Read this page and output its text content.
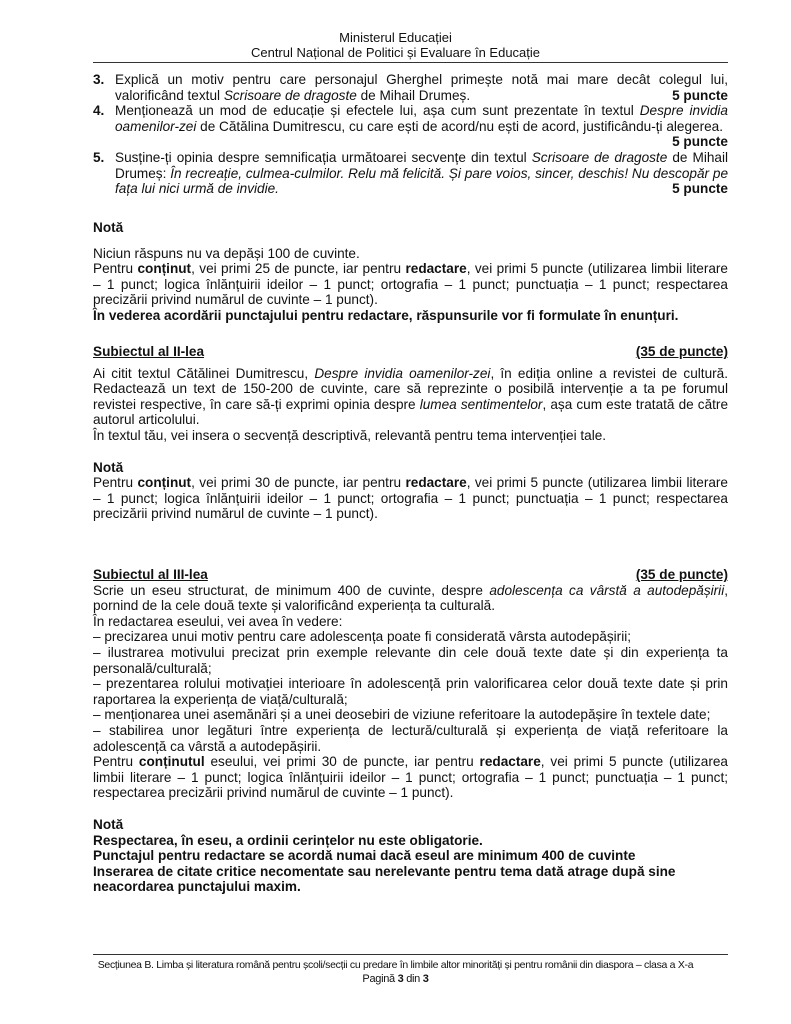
Ministerul Educației
Centrul Național de Politici și Evaluare în Educație
3. Explică un motiv pentru care personajul Gherghel primește notă mai mare decât colegul lui, valorificând textul Scrisoare de dragoste de Mihail Drumeș.	5 puncte
4. Menționează un mod de educație și efectele lui, așa cum sunt prezentate în textul Despre invidia oamenilor-zei de Cătălina Dumitrescu, cu care ești de acord/nu ești de acord, justificându-ți alegerea.
5 puncte
5. Susține-ți opinia despre semnificația următoarei secvențe din textul Scrisoare de dragoste de Mihail Drumeș: În recreație, culmea-culmilor. Relu mă felicită. Și pare voios, sincer, deschis! Nu descopăr pe fața lui nici urmă de invidie.	5 puncte

Notă

Niciun răspuns nu va depăși 100 de cuvinte.

Pentru conținut, vei primi 25 de puncte, iar pentru redactare, vei primi 5 puncte (utilizarea limbii literare – 1 punct; logica înlănțuirii ideilor – 1 punct; ortografia – 1 punct; punctuația – 1 punct; respectarea precizării privind numărul de cuvinte – 1 punct).

În vederea acordării punctajului pentru redactare, răspunsurile vor fi formulate în enunțuri.

Subiectul al II-lea	(35 de puncte)

Ai citit textul Cătălinei Dumitrescu, Despre invidia oamenilor-zei, în ediția online a revistei de cultură. Redactează un text de 150-200 de cuvinte, care să reprezinte o posibilă intervenție a ta pe forumul revistei respective, în care să-ți exprimi opinia despre lumea sentimentelor, așa cum este tratată de către autorul articolului.

În textul tău, vei insera o secvență descriptivă, relevantă pentru tema intervenției tale.

Notă

Pentru conținut, vei primi 30 de puncte, iar pentru redactare, vei primi 5 puncte (utilizarea limbii literare – 1 punct; logica înlănțuirii ideilor – 1 punct; ortografia – 1 punct; punctuația – 1 punct; respectarea precizării privind numărul de cuvinte – 1 punct).

Subiectul al III-lea	(35 de puncte)

Scrie un eseu structurat, de minimum 400 de cuvinte, despre adolescența ca vârstă a autodepășirii, pornind de la cele două texte și valorificând experiența ta culturală.

În redactarea eseului, vei avea în vedere:

– precizarea unui motiv pentru care adolescența poate fi considerată vârsta autodepășirii;

– ilustrarea motivului precizat prin exemple relevante din cele două texte date și din experiența ta personală/culturală;

– prezentarea rolului motivației interioare în adolescență prin valorificarea celor două texte date și prin raportarea la experiența de viață/culturală;

– menționarea unei asemănări și a unei deosebiri de viziune referitoare la autodepășire în textele date;

– stabilirea unor legături între experiența de lectură/culturală și experiența de viață referitoare la adolescență ca vârstă a autodepășirii.

Pentru conținutul eseului, vei primi 30 de puncte, iar pentru redactare, vei primi 5 puncte (utilizarea limbii literare – 1 punct; logica înlănțuirii ideilor – 1 punct; ortografia – 1 punct; punctuația – 1 punct; respectarea precizării privind numărul de cuvinte – 1 punct).

Notă

Respectarea, în eseu, a ordinii cerințelor nu este obligatorie.

Punctajul pentru redactare se acordă numai dacă eseul are minimum 400 de cuvinte

Inserarea de citate critice necomentate sau nerelevante pentru tema dată atrage după sine neacordarea punctajului maxim.

Secțiunea B. Limba și literatura română pentru școli/secții cu predare în limbile altor minorități și pentru românii din diaspora – clasa a X-a
Pagină 3 din 3
